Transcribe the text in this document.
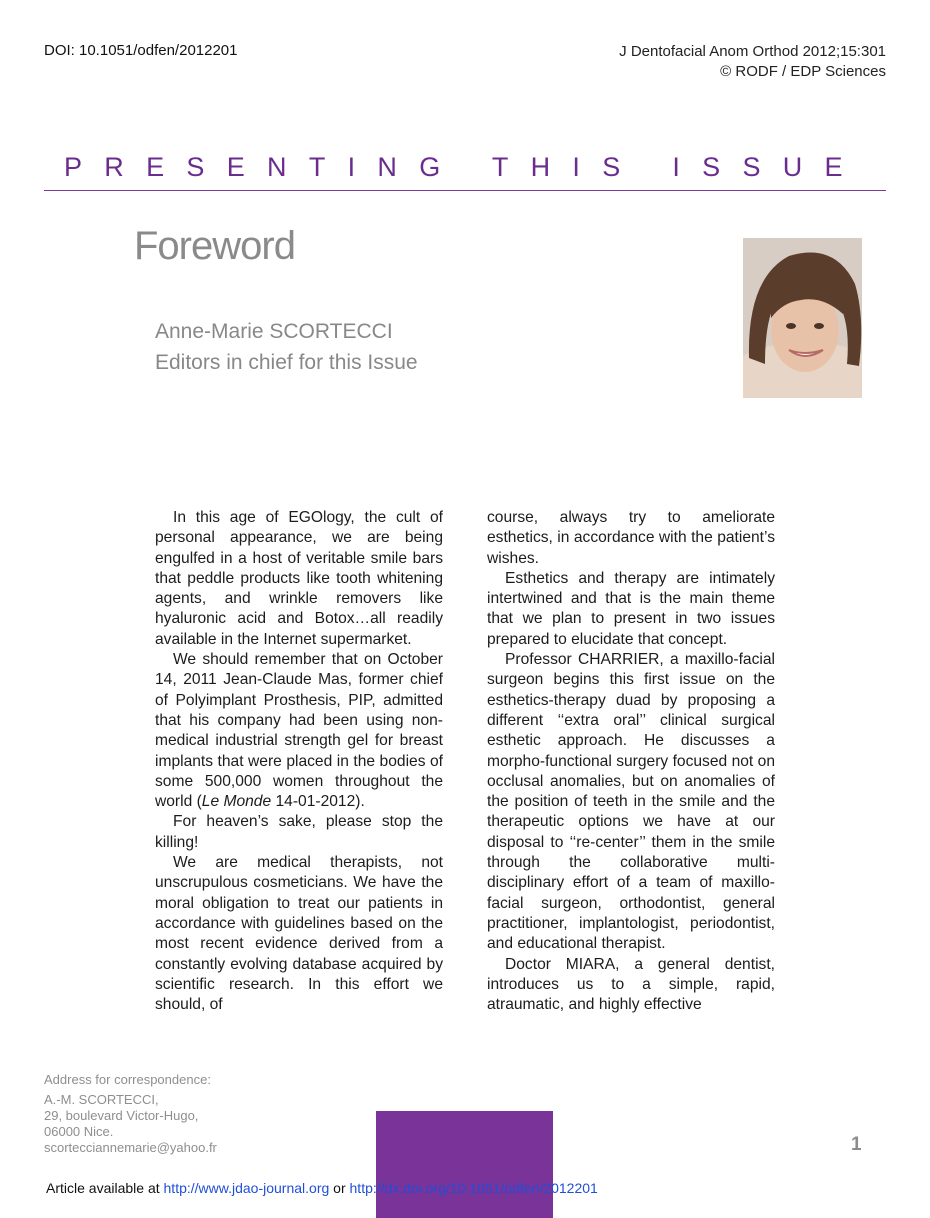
DOI: 10.1051/odfen/2012201	J Dentofacial Anom Orthod 2012;15:301
© RODF / EDP Sciences
PRESENTING THIS ISSUE
Foreword
Anne-Marie SCORTECCI
Editors in chief for this Issue

In this age of EGOlogy, the cult of personal appearance, we are being engulfed in a host of veritable smile bars that peddle products like tooth whitening agents, and wrinkle removers like hyaluronic acid and Botox…all readily available in the Internet supermarket.

We should remember that on October 14, 2011 Jean-Claude Mas, former chief of Polyimplant Prosthesis, PIP, admitted that his company had been using non-medical industrial strength gel for breast implants that were placed in the bodies of some 500,000 women throughout the world (Le Monde 14-01-2012).

For heaven’s sake, please stop the killing!

We are medical therapists, not unscrupulous cosmeticians. We have the moral obligation to treat our patients in accordance with guidelines based on the most recent evidence derived from a constantly evolving database acquired by scientific research. In this effort we should, of

course, always try to ameliorate esthetics, in accordance with the patient’s wishes.

Esthetics and therapy are intimately intertwined and that is the main theme that we plan to present in two issues prepared to elucidate that concept.

Professor CHARRIER, a maxillo-facial surgeon begins this first issue on the esthetics-therapy duad by proposing a different ‘‘extra oral’’ clinical surgical esthetic approach. He discusses a morpho-functional surgery focused not on occlusal anomalies, but on anomalies of the position of teeth in the smile and the therapeutic options we have at our disposal to ‘‘re-center’’ them in the smile through the collaborative multi-disciplinary effort of a team of maxillo-facial surgeon, orthodontist, general practitioner, implantologist, periodontist, and educational therapist.

Doctor MIARA, a general dentist, introduces us to a simple, rapid, atraumatic, and highly effective

Address for correspondence:
A.-M. SCORTECCI,
29, boulevard Victor-Hugo,
06000 Nice.
scortecciannemarie@yahoo.fr	1
Article available at http://www.jdao-journal.org or http://dx.doi.org/10.1051/odfen/2012201
